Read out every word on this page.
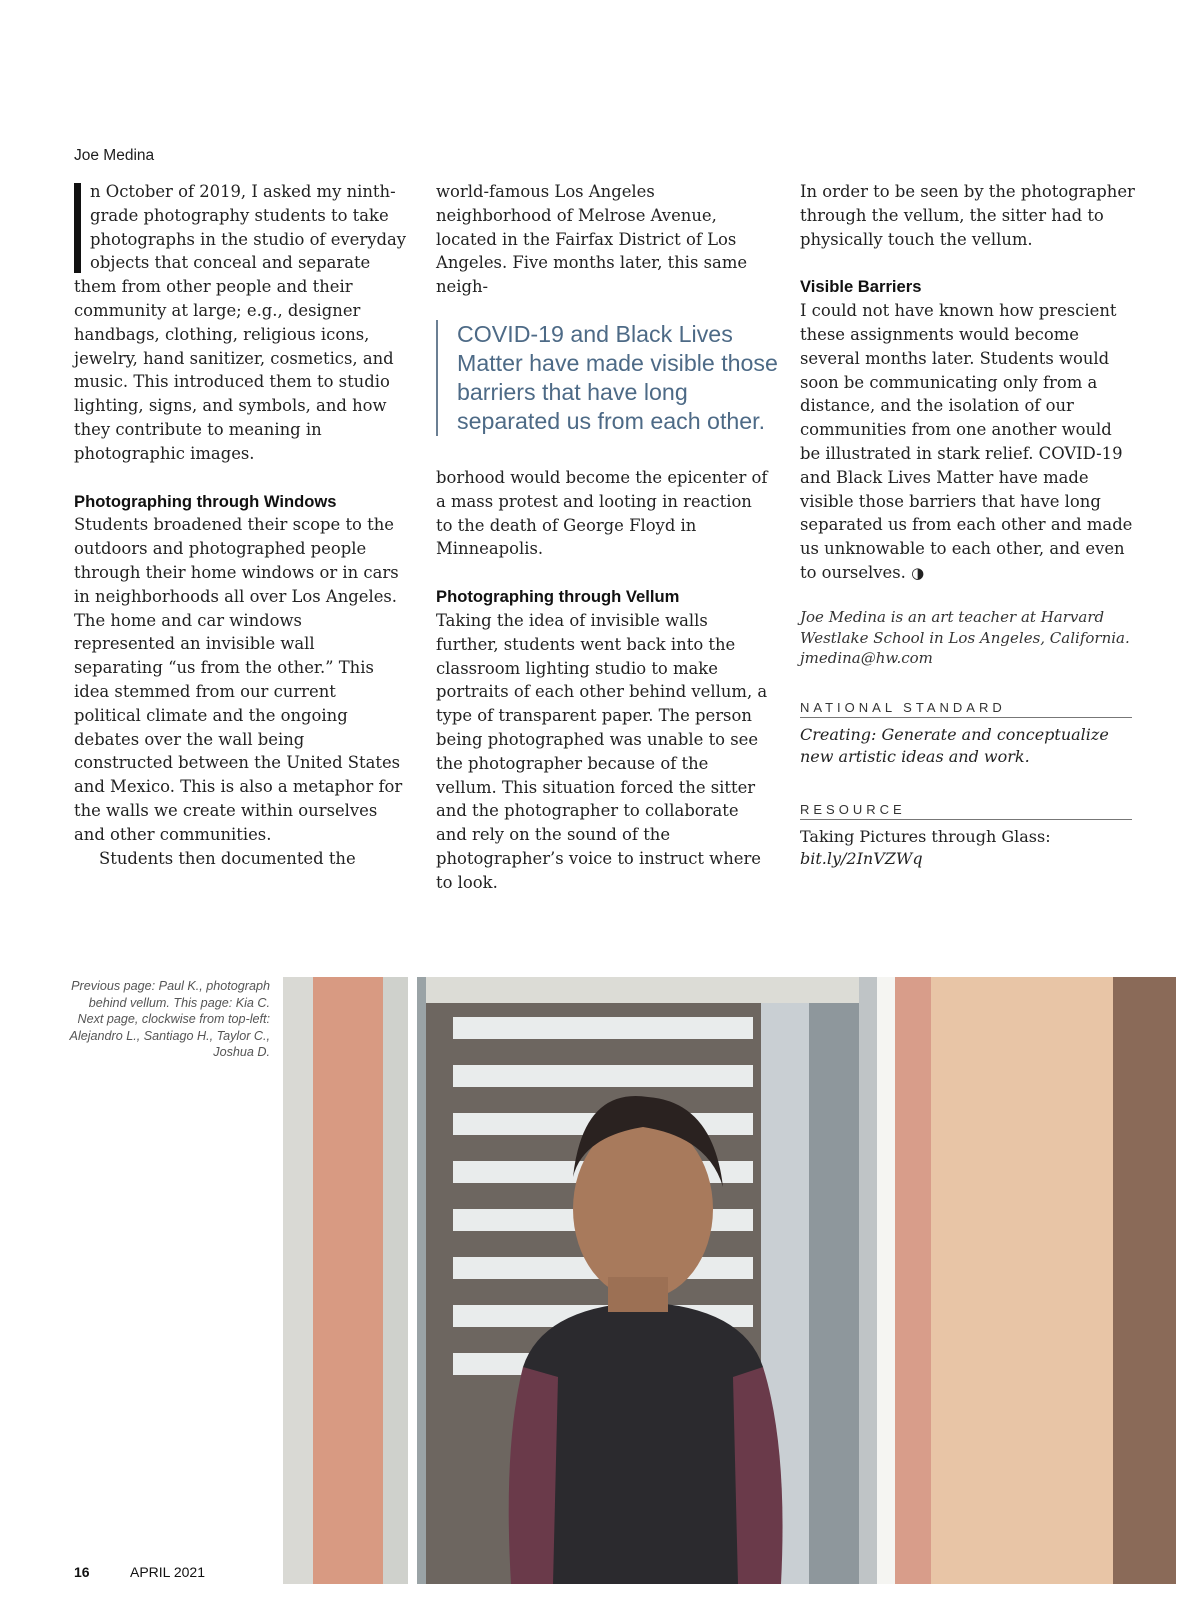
Joe Medina

n October of 2019, I asked my ninth-grade photography students to take photographs in the studio of everyday objects that conceal and separate them from other people and their community at large; e.g., designer handbags, clothing, religious icons, jewelry, hand sanitizer, cosmetics, and music. This introduced them to studio lighting, signs, and symbols, and how they contribute to meaning in photographic images.

Photographing through Windows

Students broadened their scope to the outdoors and photographed people through their home windows or in cars in neighborhoods all over Los Angeles. The home and car windows represented an invisible wall separating “us from the other.” This idea stemmed from our current political climate and the ongoing debates over the wall being constructed between the United States and Mexico. This is also a metaphor for the walls we create within ourselves and other communities.

Students then documented the

world-famous Los Angeles neighborhood of Melrose Avenue, located in the Fairfax District of Los Angeles. Five months later, this same neigh-

COVID-19 and Black Lives Matter have made visible those barriers that have long separated us from each other.

borhood would become the epicenter of a mass protest and looting in reaction to the death of George Floyd in Minneapolis.

Photographing through Vellum

Taking the idea of invisible walls further, students went back into the classroom lighting studio to make portraits of each other behind vellum, a type of transparent paper. The person being photographed was unable to see the photographer because of the vellum. This situation forced the sitter and the photographer to collaborate and rely on the sound of the photographer’s voice to instruct where to look.

In order to be seen by the photographer through the vellum, the sitter had to physically touch the vellum.

Visible Barriers

I could not have known how prescient these assignments would become several months later. Students would soon be communicating only from a distance, and the isolation of our communities from one another would be illustrated in stark relief. COVID-19 and Black Lives Matter have made visible those barriers that have long separated us from each other and made us unknowable to each other, and even to ourselves. ◑

Joe Medina is an art teacher at Harvard Westlake School in Los Angeles, California. jmedina@hw.com
NATIONAL STANDARD
Creating: Generate and conceptualize new artistic ideas and work.
RESOURCE
Taking Pictures through Glass:
bit.ly/2InVZWq
Previous page: Paul K., photograph behind vellum. This page: Kia C. Next page, clockwise from top-left: Alejandro L., Santiago H., Taylor C., Joshua D.
16	APRIL 2021
